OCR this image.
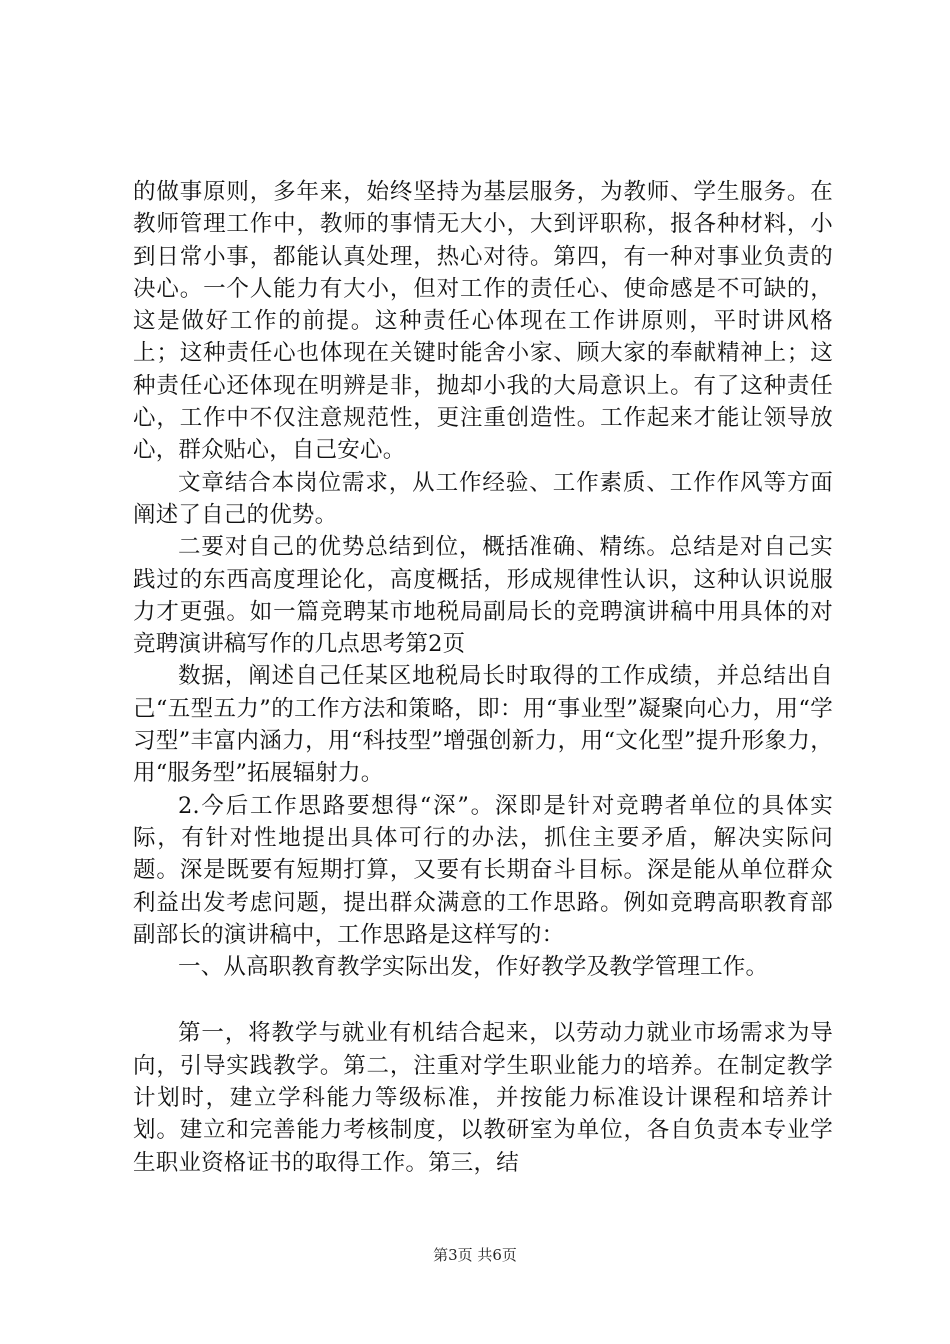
的做事原则，多年来，始终坚持为基层服务，为教师、学生服务。在教师管理工作中，教师的事情无大小，大到评职称，报各种材料，小到日常小事，都能认真处理，热心对待。第四，有一种对事业负责的决心。一个人能力有大小，但对工作的责任心、使命感是不可缺的，这是做好工作的前提。这种责任心体现在工作讲原则，平时讲风格上；这种责任心也体现在关键时能舍小家、顾大家的奉献精神上；这种责任心还体现在明辨是非，抛却小我的大局意识上。有了这种责任心，工作中不仅注意规范性，更注重创造性。工作起来才能让领导放心，群众贴心，自己安心。

文章结合本岗位需求，从工作经验、工作素质、工作作风等方面阐述了自己的优势。

二要对自己的优势总结到位，概括准确、精练。总结是对自己实践过的东西高度理论化，高度概括，形成规律性认识，这种认识说服力才更强。如一篇竞聘某市地税局副局长的竞聘演讲稿中用具体的对竞聘演讲稿写作的几点思考第2页

数据，阐述自己任某区地税局长时取得的工作成绩，并总结出自己“五型五力”的工作方法和策略，即：用“事业型”凝聚向心力，用“学习型”丰富内涵力，用“科技型”增强创新力，用“文化型”提升形象力，用“服务型”拓展辐射力。

2.今后工作思路要想得“深”。深即是针对竞聘者单位的具体实际，有针对性地提出具体可行的办法，抓住主要矛盾，解决实际问题。深是既要有短期打算，又要有长期奋斗目标。深是能从单位群众利益出发考虑问题，提出群众满意的工作思路。例如竞聘高职教育部副部长的演讲稿中，工作思路是这样写的：

一、从高职教育教学实际出发，作好教学及教学管理工作。

第一，将教学与就业有机结合起来，以劳动力就业市场需求为导向，引导实践教学。第二，注重对学生职业能力的培养。在制定教学计划时，建立学科能力等级标准，并按能力标准设计课程和培养计划。建立和完善能力考核制度，以教研室为单位，各自负责本专业学生职业资格证书的取得工作。第三，结

第3页 共6页
